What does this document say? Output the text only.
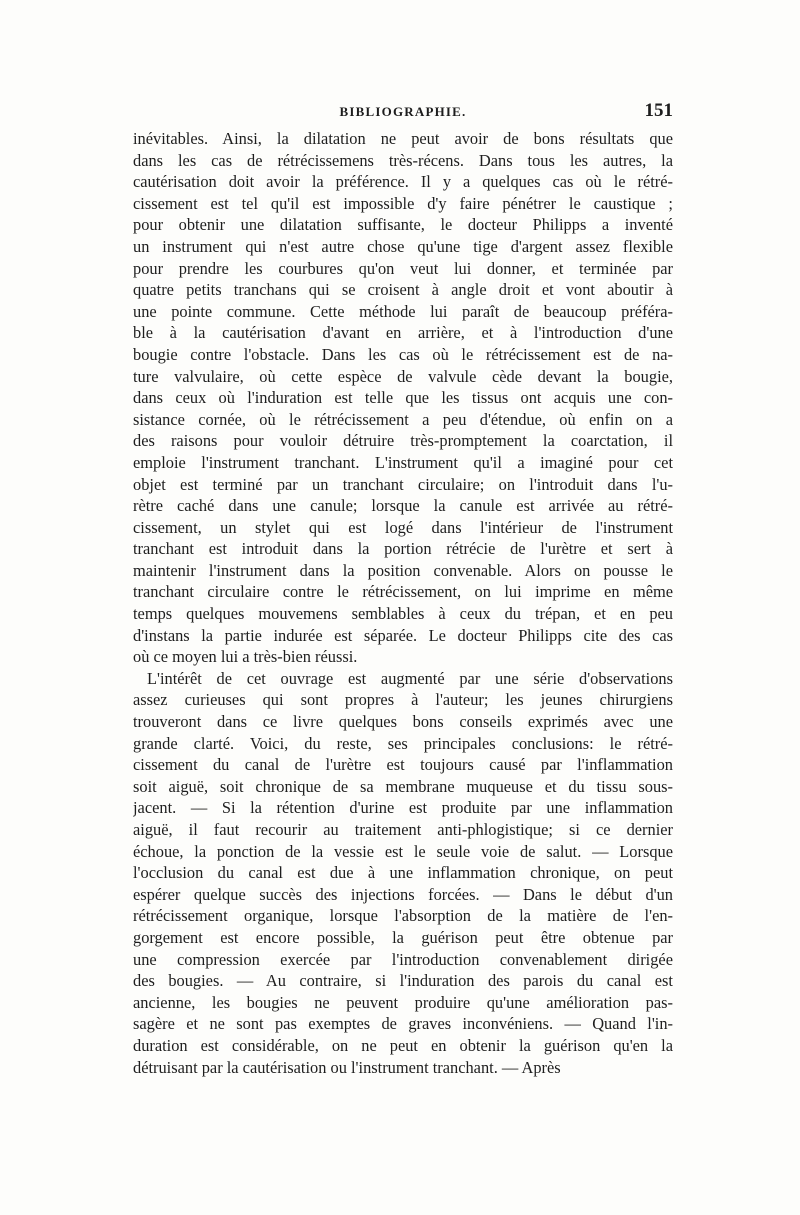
BIBLIOGRAPHIE.	151
inévitables. Ainsi, la dilatation ne peut avoir de bons résultats que
dans les cas de rétrécissemens très-récens. Dans tous les autres, la
cautérisation doit avoir la préférence. Il y a quelques cas où le rétré-
cissement est tel qu'il est impossible d'y faire pénétrer le caustique ;
pour obtenir une dilatation suffisante, le docteur Philipps a inventé
un instrument qui n'est autre chose qu'une tige d'argent assez flexible
pour prendre les courbures qu'on veut lui donner, et terminée par
quatre petits tranchans qui se croisent à angle droit et vont aboutir à
une pointe commune. Cette méthode lui paraît de beaucoup préféra-
ble à la cautérisation d'avant en arrière, et à l'introduction d'une
bougie contre l'obstacle. Dans les cas où le rétrécissement est de na-
ture valvulaire, où cette espèce de valvule cède devant la bougie,
dans ceux où l'induration est telle que les tissus ont acquis une con-
sistance cornée, où le rétrécissement a peu d'étendue, où enfin on a
des raisons pour vouloir détruire très-promptement la coarctation, il
emploie l'instrument tranchant. L'instrument qu'il a imaginé pour cet
objet est terminé par un tranchant circulaire; on l'introduit dans l'u-
rètre caché dans une canule; lorsque la canule est arrivée au rétré-
cissement, un stylet qui est logé dans l'intérieur de l'instrument
tranchant est introduit dans la portion rétrécie de l'urètre et sert à
maintenir l'instrument dans la position convenable. Alors on pousse le
tranchant circulaire contre le rétrécissement, on lui imprime en même
temps quelques mouvemens semblables à ceux du trépan, et en peu
d'instans la partie indurée est séparée. Le docteur Philipps cite des cas
où ce moyen lui a très-bien réussi.
L'intérêt de cet ouvrage est augmenté par une série d'observations
assez curieuses qui sont propres à l'auteur; les jeunes chirurgiens
trouveront dans ce livre quelques bons conseils exprimés avec une
grande clarté. Voici, du reste, ses principales conclusions: le rétré-
cissement du canal de l'urètre est toujours causé par l'inflammation
soit aiguë, soit chronique de sa membrane muqueuse et du tissu sous-
jacent. — Si la rétention d'urine est produite par une inflammation
aiguë, il faut recourir au traitement anti-phlogistique; si ce dernier
échoue, la ponction de la vessie est le seule voie de salut. — Lorsque
l'occlusion du canal est due à une inflammation chronique, on peut
espérer quelque succès des injections forcées. — Dans le début d'un
rétrécissement organique, lorsque l'absorption de la matière de l'en-
gorgement est encore possible, la guérison peut être obtenue par
une compression exercée par l'introduction convenablement dirigée
des bougies. — Au contraire, si l'induration des parois du canal est
ancienne, les bougies ne peuvent produire qu'une amélioration pas-
sagère et ne sont pas exemptes de graves inconvéniens. — Quand l'in-
duration est considérable, on ne peut en obtenir la guérison qu'en la
détruisant par la cautérisation ou l'instrument tranchant. — Après
